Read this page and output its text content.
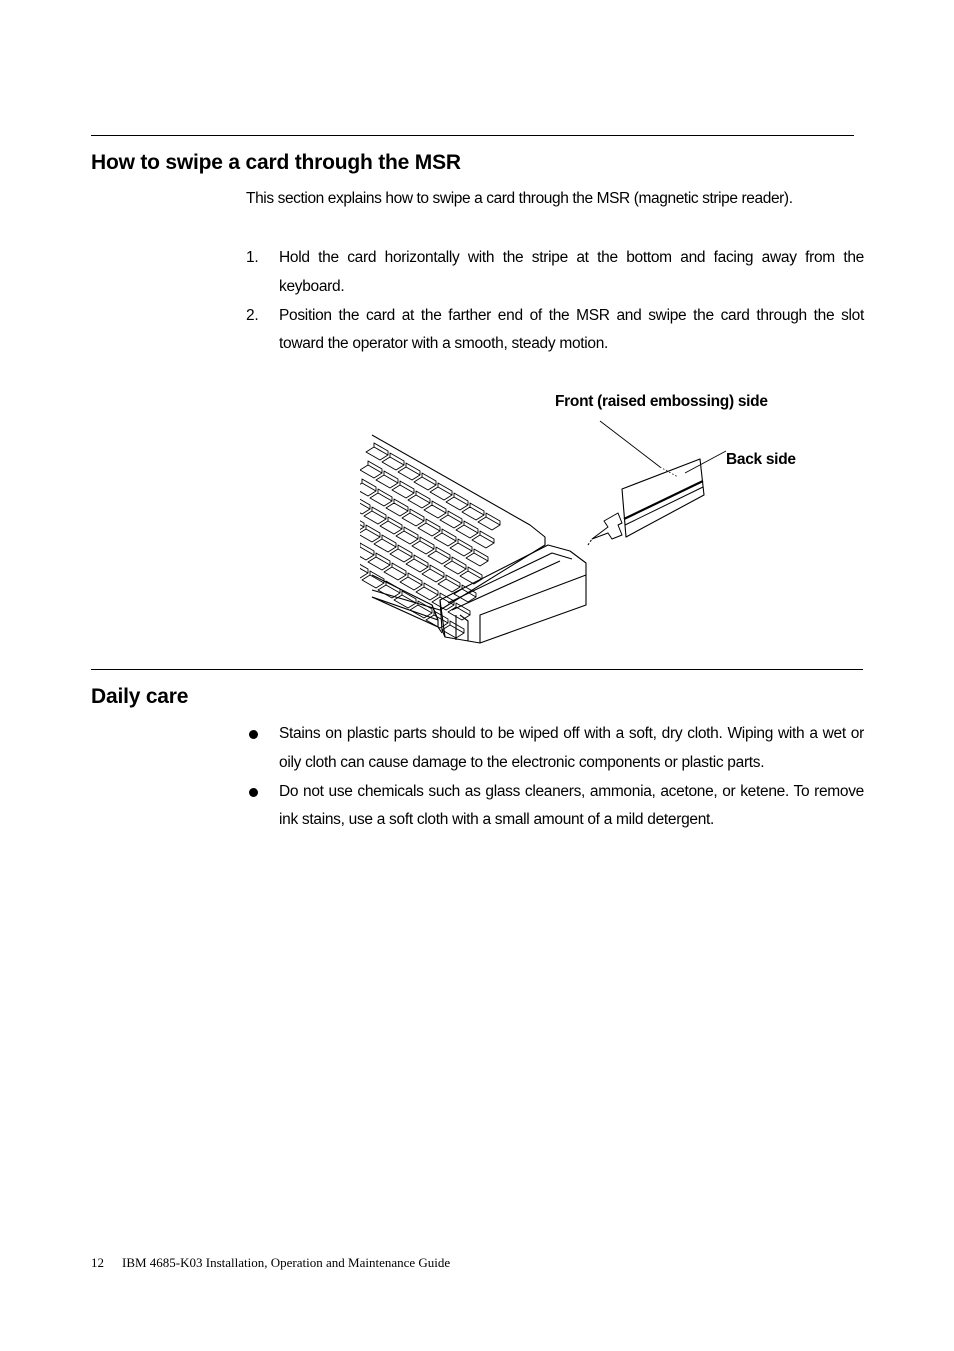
How to swipe a card through the MSR

This section explains how to swipe a card through the MSR (magnetic stripe reader).

1. Hold the card horizontally with the stripe at the bottom and facing away from the keyboard.
2. Position the card at the farther end of the MSR and swipe the card through the slot toward the operator with a smooth, steady motion.
Front (raised embossing) side
Back side
Daily care
Stains on plastic parts should to be wiped off with a soft, dry cloth. Wiping with a wet or oily cloth can cause damage to the electronic components or plastic parts.
Do not use chemicals such as glass cleaners, ammonia, acetone, or ketene. To remove ink stains, use a soft cloth with a small amount of a mild detergent.
12 IBM 4685-K03 Installation, Operation and Maintenance Guide
